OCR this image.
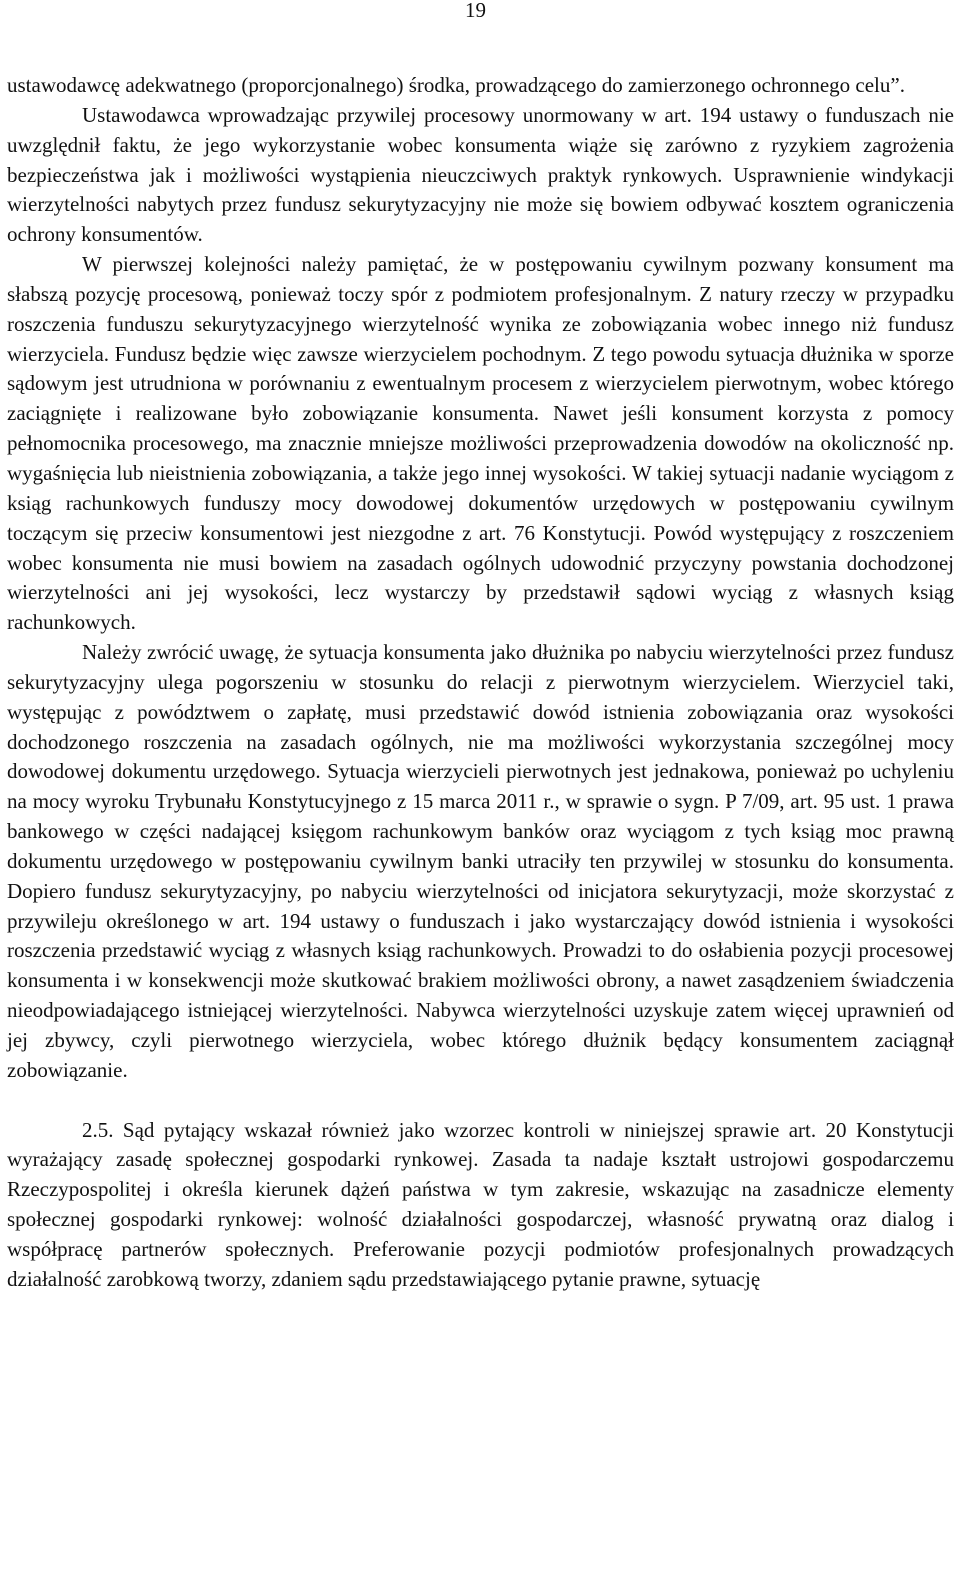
19

ustawodawcę adekwatnego (proporcjonalnego) środka, prowadzącego do zamierzonego ochronnego celu”.

Ustawodawca wprowadzając przywilej procesowy unormowany w art. 194 ustawy o funduszach nie uwzględnił faktu, że jego wykorzystanie wobec konsumenta wiąże się zarówno z ryzykiem zagrożenia bezpieczeństwa jak i możliwości wystąpienia nieuczciwych praktyk rynkowych. Usprawnienie windykacji wierzytelności nabytych przez fundusz sekurytyzacyjny nie może się bowiem odbywać kosztem ograniczenia ochrony konsumentów.

W pierwszej kolejności należy pamiętać, że w postępowaniu cywilnym pozwany konsument ma słabszą pozycję procesową, ponieważ toczy spór z podmiotem profesjonalnym. Z natury rzeczy w przypadku roszczenia funduszu sekurytyzacyjnego wierzytelność wynika ze zobowiązania wobec innego niż fundusz wierzyciela. Fundusz będzie więc zawsze wierzycielem pochodnym. Z tego powodu sytuacja dłużnika w sporze sądowym jest utrudniona w porównaniu z ewentualnym procesem z wierzycielem pierwotnym, wobec którego zaciągnięte i realizowane było zobowiązanie konsumenta. Nawet jeśli konsument korzysta z pomocy pełnomocnika procesowego, ma znacznie mniejsze możliwości przeprowadzenia dowodów na okoliczność np. wygaśnięcia lub nieistnienia zobowiązania, a także jego innej wysokości. W takiej sytuacji nadanie wyciągom z ksiąg rachunkowych funduszy mocy dowodowej dokumentów urzędowych w postępowaniu cywilnym toczącym się przeciw konsumentowi jest niezgodne z art. 76 Konstytucji. Powód występujący z roszczeniem wobec konsumenta nie musi bowiem na zasadach ogólnych udowodnić przyczyny powstania dochodzonej wierzytelności ani jej wysokości, lecz wystarczy by przedstawił sądowi wyciąg z własnych ksiąg rachunkowych.

Należy zwrócić uwagę, że sytuacja konsumenta jako dłużnika po nabyciu wierzytelności przez fundusz sekurytyzacyjny ulega pogorszeniu w stosunku do relacji z pierwotnym wierzycielem. Wierzyciel taki, występując z powództwem o zapłatę, musi przedstawić dowód istnienia zobowiązania oraz wysokości dochodzonego roszczenia na zasadach ogólnych, nie ma możliwości wykorzystania szczególnej mocy dowodowej dokumentu urzędowego. Sytuacja wierzycieli pierwotnych jest jednakowa, ponieważ po uchyleniu na mocy wyroku Trybunału Konstytucyjnego z 15 marca 2011 r., w sprawie o sygn. P 7/09, art. 95 ust. 1 prawa bankowego w części nadającej księgom rachunkowym banków oraz wyciągom z tych ksiąg moc prawną dokumentu urzędowego w postępowaniu cywilnym banki utraciły ten przywilej w stosunku do konsumenta. Dopiero fundusz sekurytyzacyjny, po nabyciu wierzytelności od inicjatora sekurytyzacji, może skorzystać z przywileju określonego w art. 194 ustawy o funduszach i jako wystarczający dowód istnienia i wysokości roszczenia przedstawić wyciąg z własnych ksiąg rachunkowych. Prowadzi to do osłabienia pozycji procesowej konsumenta i w konsekwencji może skutkować brakiem możliwości obrony, a nawet zasądzeniem świadczenia nieodpowiadającego istniejącej wierzytelności. Nabywca wierzytelności uzyskuje zatem więcej uprawnień od jej zbywcy, czyli pierwotnego wierzyciela, wobec którego dłużnik będący konsumentem zaciągnął zobowiązanie.

2.5. Sąd pytający wskazał również jako wzorzec kontroli w niniejszej sprawie art. 20 Konstytucji wyrażający zasadę społecznej gospodarki rynkowej. Zasada ta nadaje kształt ustrojowi gospodarczemu Rzeczypospolitej i określa kierunek dążeń państwa w tym zakresie, wskazując na zasadnicze elementy społecznej gospodarki rynkowej: wolność działalności gospodarczej, własność prywatną oraz dialog i współpracę partnerów społecznych. Preferowanie pozycji podmiotów profesjonalnych prowadzących działalność zarobkową tworzy, zdaniem sądu przedstawiającego pytanie prawne, sytuację
